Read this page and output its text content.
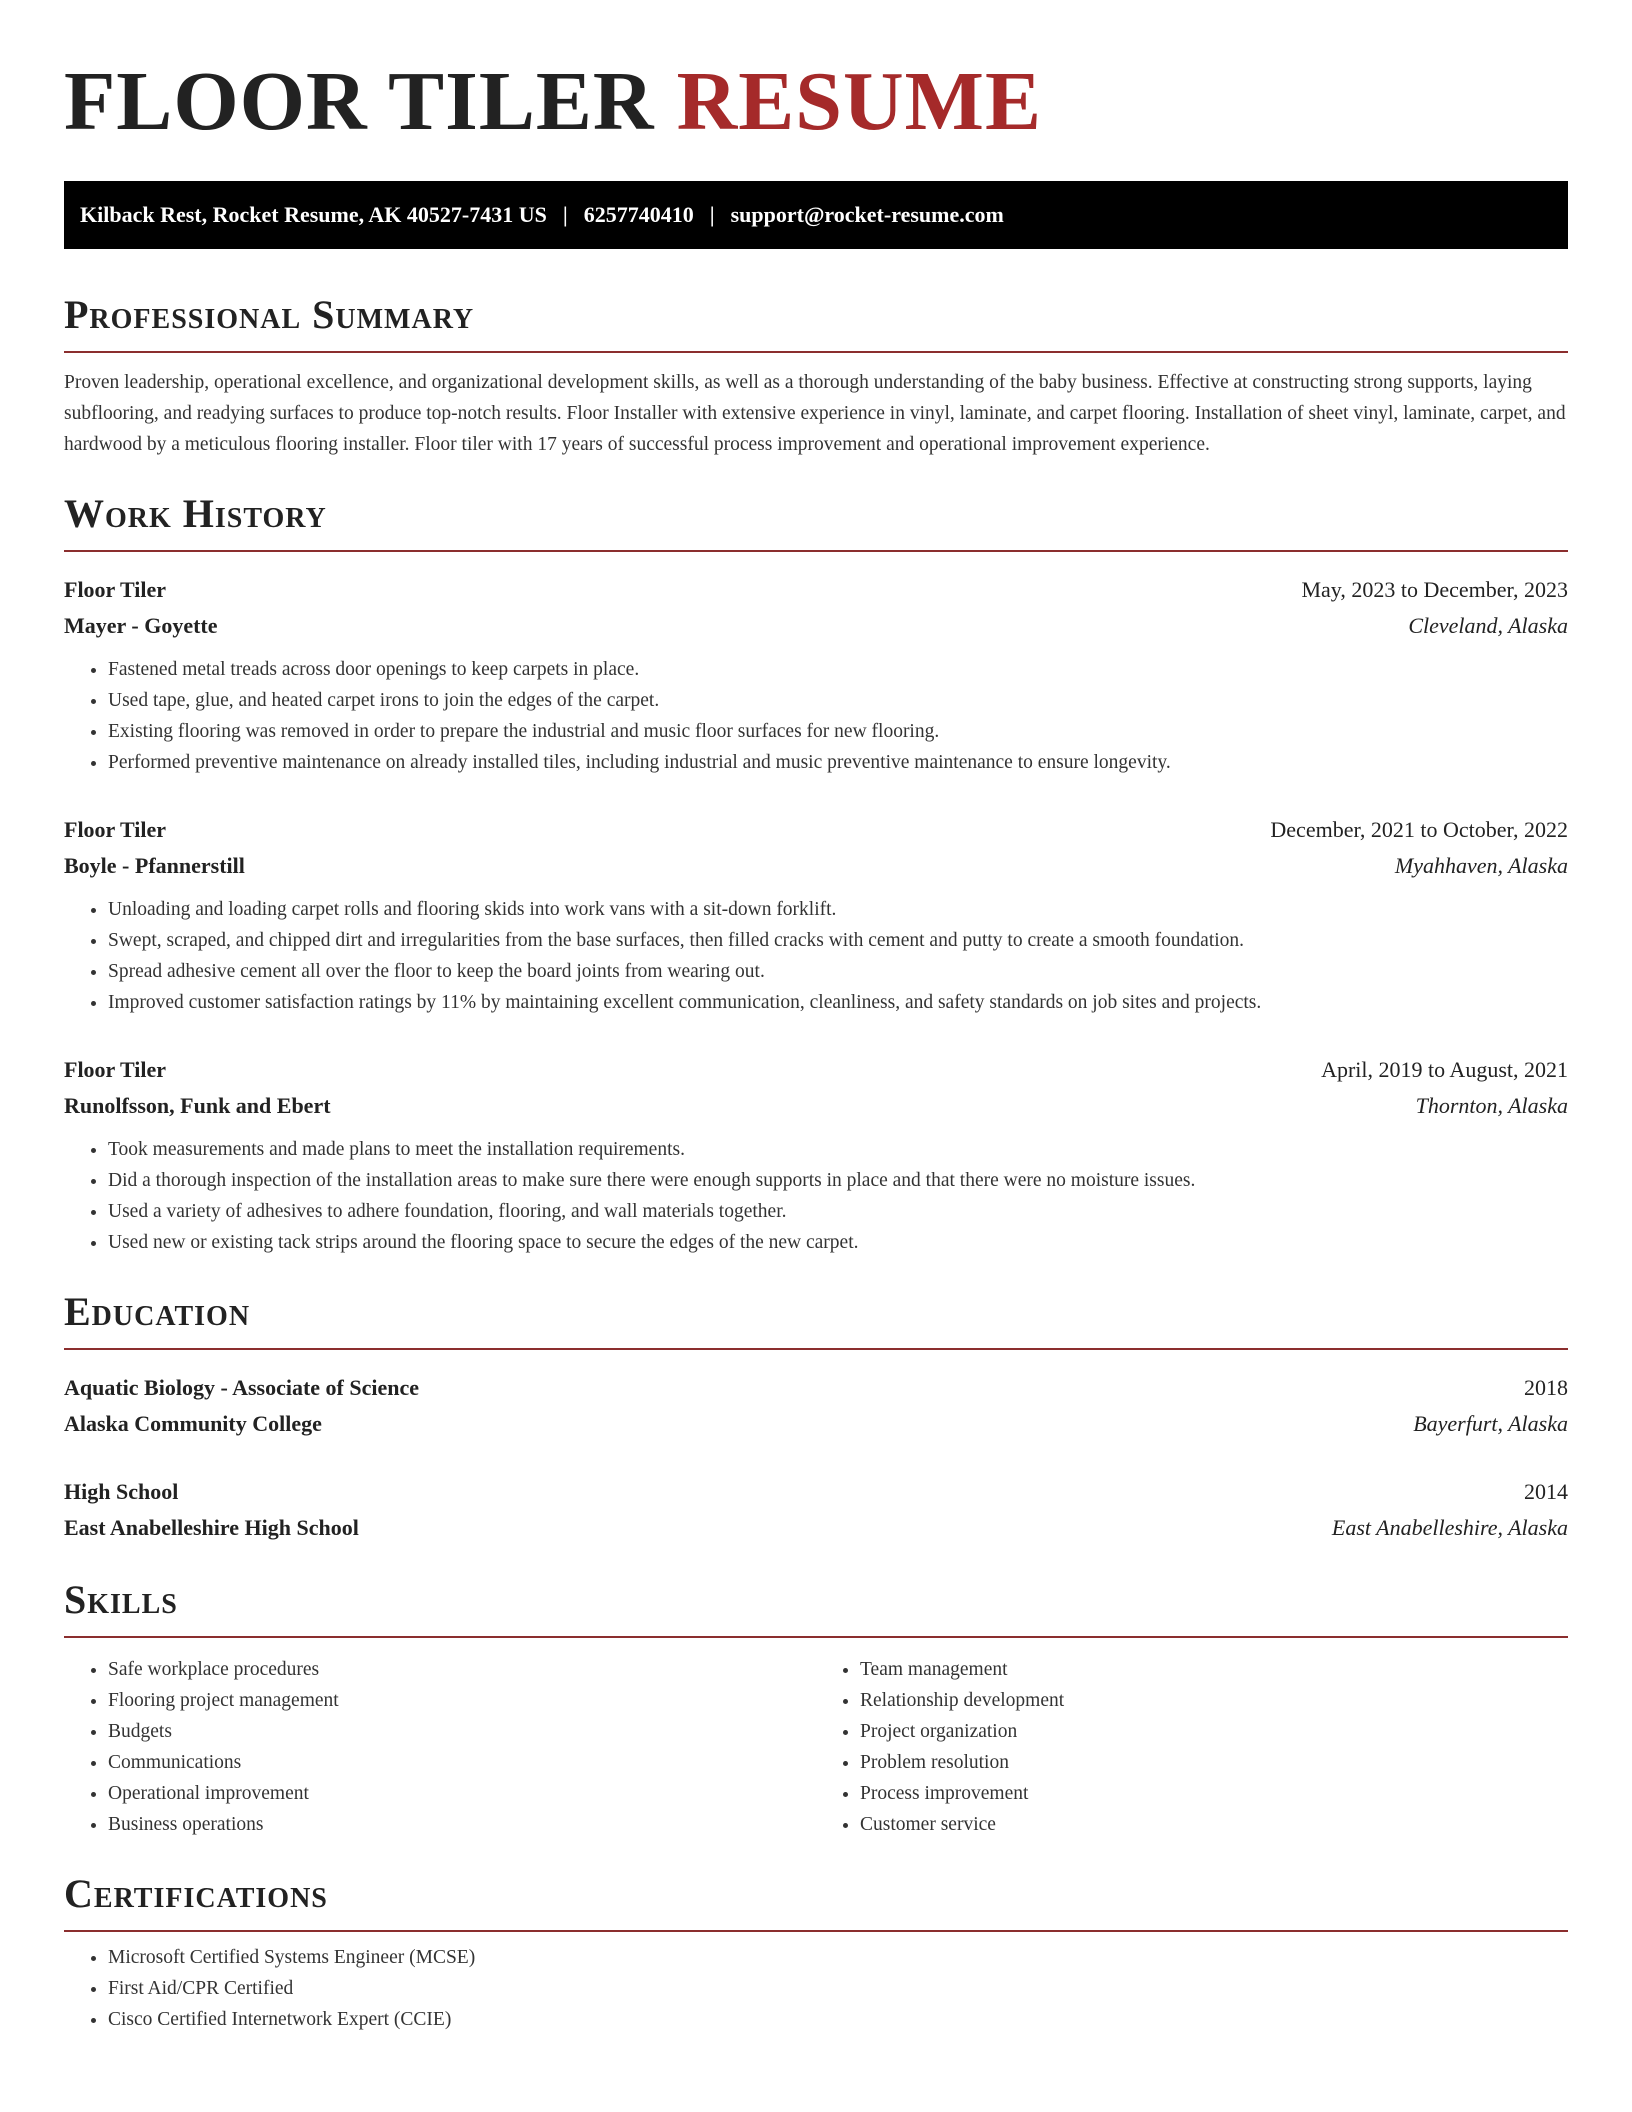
FLOOR TILER RESUME
Kilback Rest, Rocket Resume, AK 40527-7431 US | 6257740410 | support@rocket-resume.com
Professional Summary

Proven leadership, operational excellence, and organizational development skills, as well as a thorough understanding of the baby business. Effective at constructing strong supports, laying subflooring, and readying surfaces to produce top-notch results. Floor Installer with extensive experience in vinyl, laminate, and carpet flooring. Installation of sheet vinyl, laminate, carpet, and hardwood by a meticulous flooring installer. Floor tiler with 17 years of successful process improvement and operational improvement experience.

Work History
Floor Tiler	May, 2023 to December, 2023
Mayer - Goyette	Cleveland, Alaska
• Fastened metal treads across door openings to keep carpets in place.
• Used tape, glue, and heated carpet irons to join the edges of the carpet.
• Existing flooring was removed in order to prepare the industrial and music floor surfaces for new flooring.
• Performed preventive maintenance on already installed tiles, including industrial and music preventive maintenance to ensure longevity.
Floor Tiler	December, 2021 to October, 2022
Boyle - Pfannerstill	Myahhaven, Alaska
• Unloading and loading carpet rolls and flooring skids into work vans with a sit-down forklift.
• Swept, scraped, and chipped dirt and irregularities from the base surfaces, then filled cracks with cement and putty to create a smooth foundation.
• Spread adhesive cement all over the floor to keep the board joints from wearing out.
• Improved customer satisfaction ratings by 11% by maintaining excellent communication, cleanliness, and safety standards on job sites and projects.
Floor Tiler	April, 2019 to August, 2021
Runolfsson, Funk and Ebert	Thornton, Alaska
• Took measurements and made plans to meet the installation requirements.
• Did a thorough inspection of the installation areas to make sure there were enough supports in place and that there were no moisture issues.
• Used a variety of adhesives to adhere foundation, flooring, and wall materials together.
• Used new or existing tack strips around the flooring space to secure the edges of the new carpet.
Education
Aquatic Biology - Associate of Science	2018
Alaska Community College	Bayerfurt, Alaska
High School	2014
East Anabelleshire High School	East Anabelleshire, Alaska
Skills
• Safe workplace procedures
• Flooring project management
• Budgets
• Communications
• Operational improvement
• Business operations
• Team management
• Relationship development
• Project organization
• Problem resolution
• Process improvement
• Customer service
Certifications
• Microsoft Certified Systems Engineer (MCSE)
• First Aid/CPR Certified
• Cisco Certified Internetwork Expert (CCIE)
